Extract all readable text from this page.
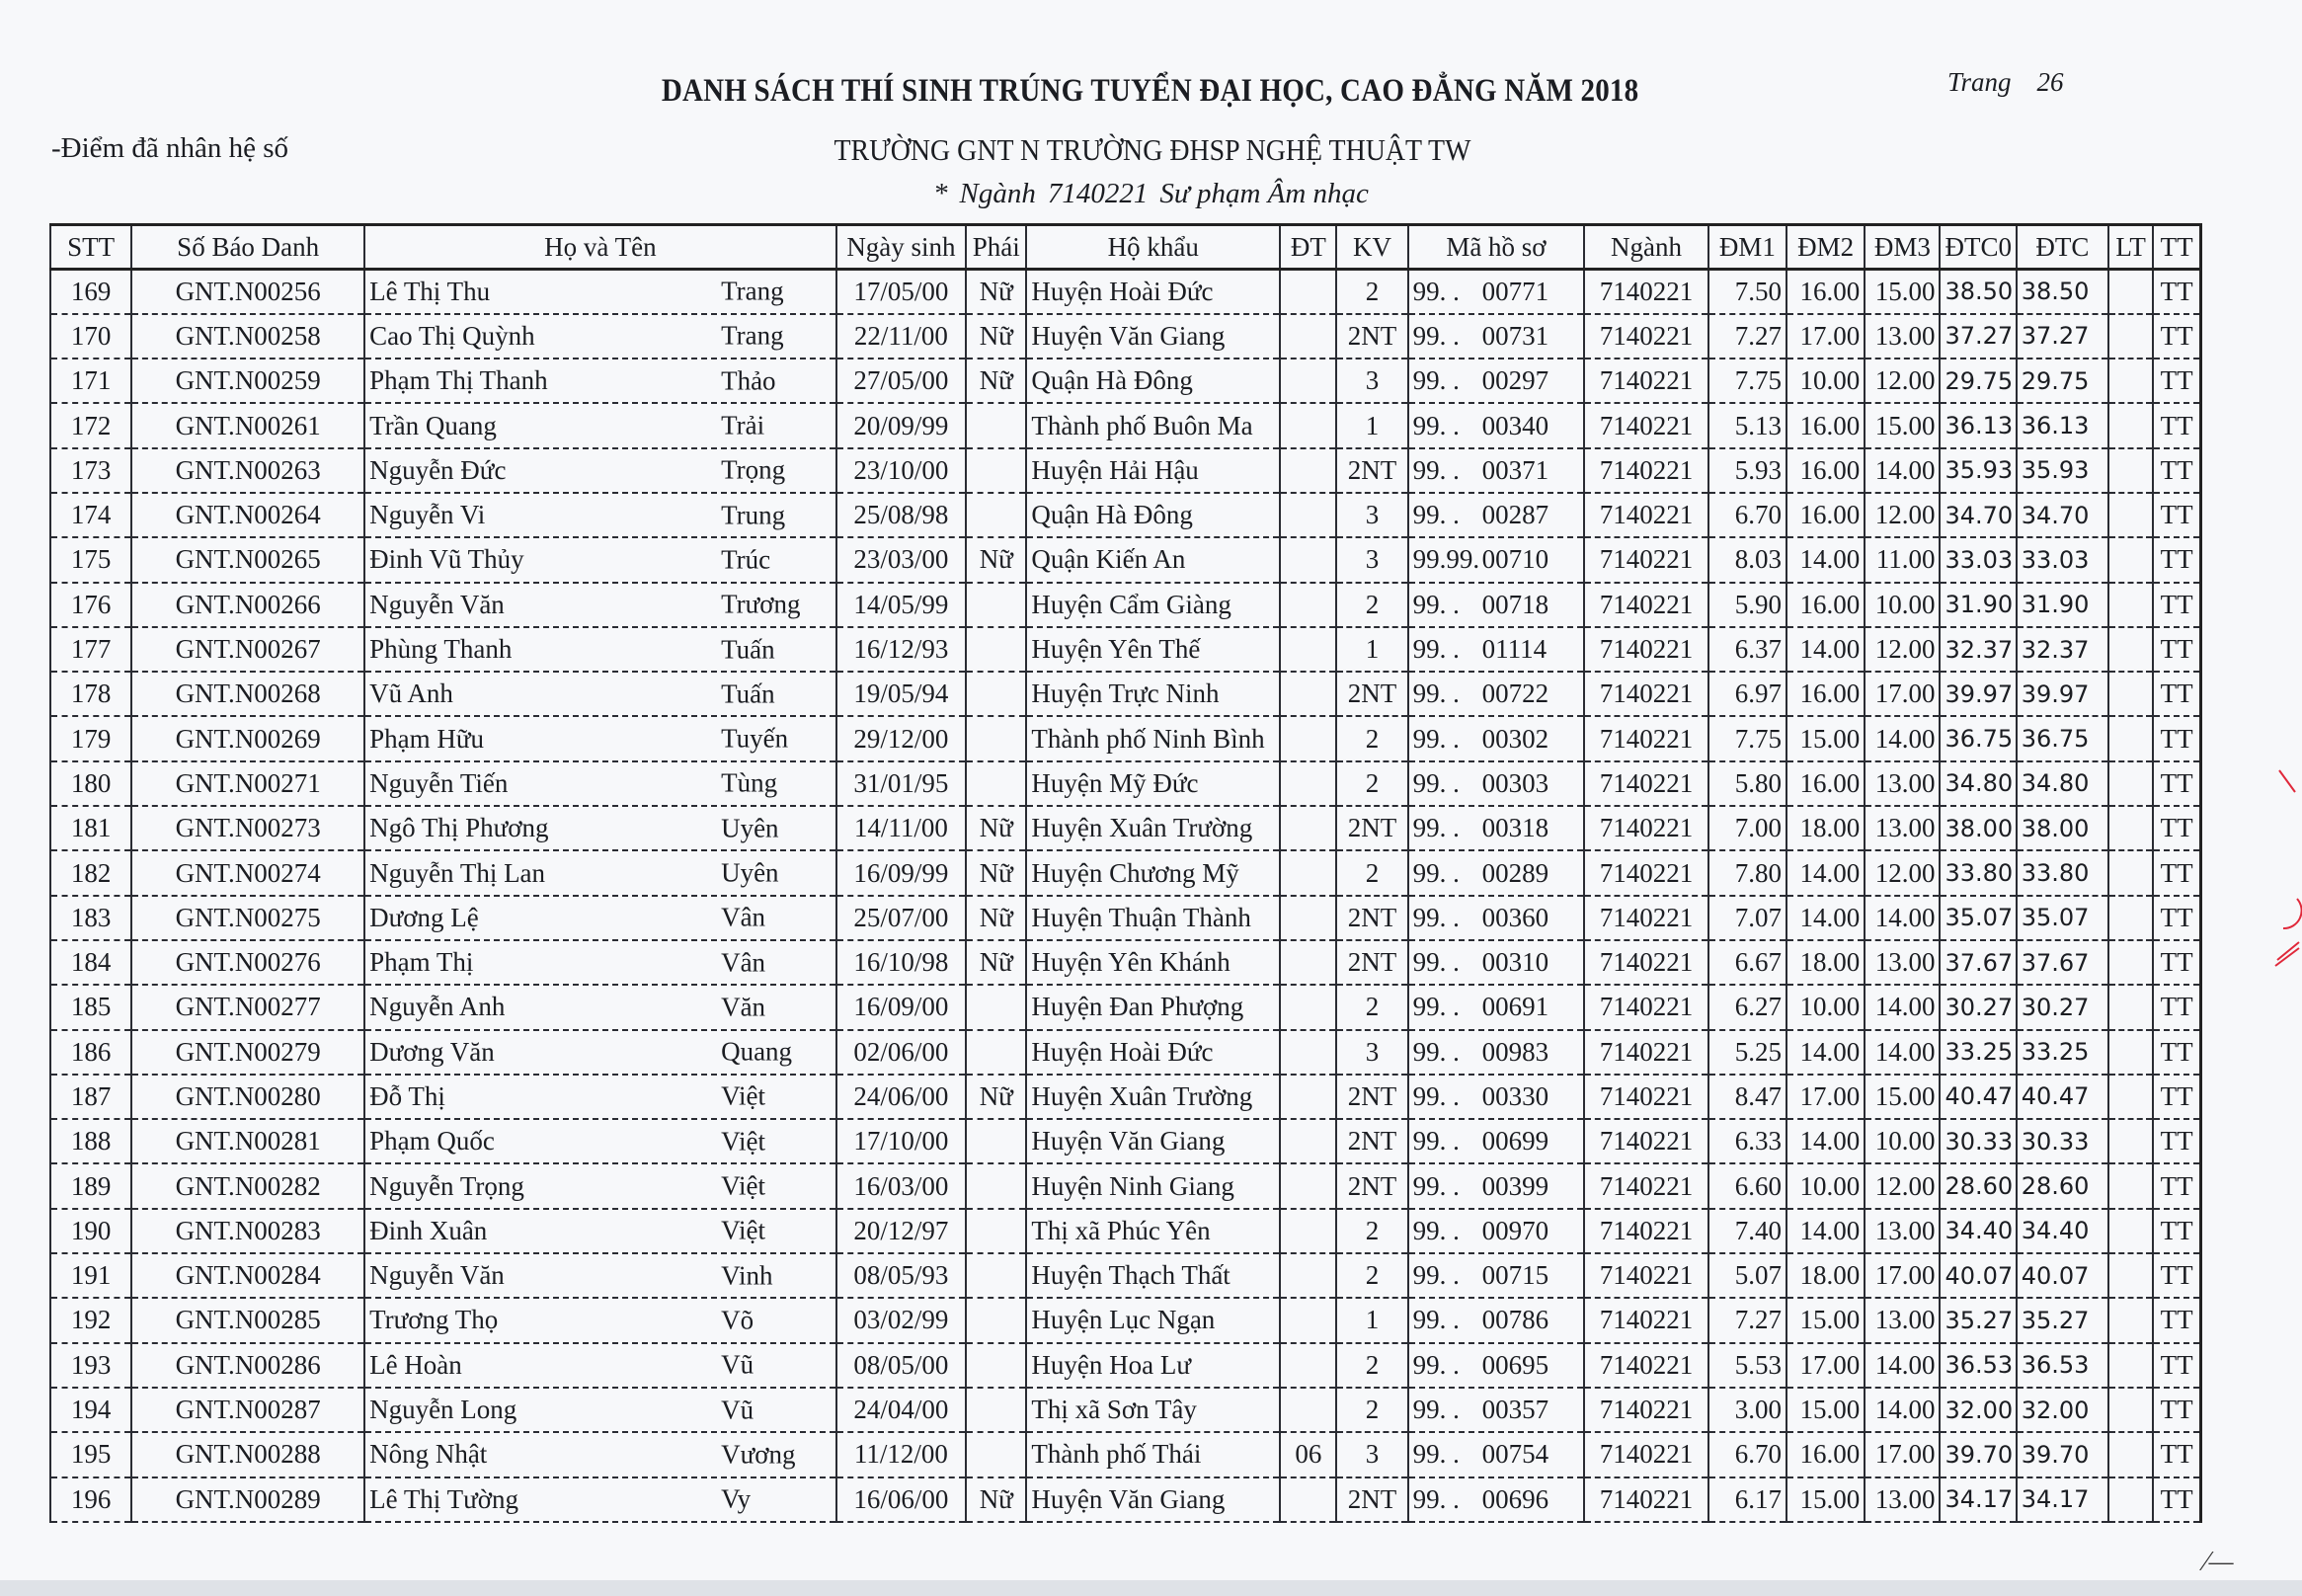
DANH SÁCH THÍ SINH TRÚNG TUYỂN ĐẠI HỌC, CAO ĐẲNG NĂM 2018	Trang 26
-Điểm đã nhân hệ số	TRƯỜNG GNT N TRƯỜNG ĐHSP NGHỆ THUẬT TW
* Ngành 7140221 Sư phạm Âm nhạc
STT	Số Báo Danh	Họ và Tên	Ngày sinh	Phái	Hộ khẩu	ĐT	KV	Mã hồ sơ	Ngành	ĐM1	ĐM2	ĐM3	ĐTC0	ĐTC	LT	TT
169	GNT.N00256	Lê Thị Thu Trang	17/05/00	Nữ	Huyện Hoài Đức		2	99. . 00771	7140221	7.50	16.00	15.00	38.50	38.50		TT
170	GNT.N00258	Cao Thị Quỳnh Trang	22/11/00	Nữ	Huyện Văn Giang		2NT	99. . 00731	7140221	7.27	17.00	13.00	37.27	37.27		TT
171	GNT.N00259	Phạm Thị Thanh Thảo	27/05/00	Nữ	Quận Hà Đông		3	99. . 00297	7140221	7.75	10.00	12.00	29.75	29.75		TT
172	GNT.N00261	Trần Quang Trải	20/09/99		Thành phố Buôn Ma		1	99. . 00340	7140221	5.13	16.00	15.00	36.13	36.13		TT
173	GNT.N00263	Nguyễn Đức Trọng	23/10/00		Huyện Hải Hậu		2NT	99. . 00371	7140221	5.93	16.00	14.00	35.93	35.93		TT
174	GNT.N00264	Nguyễn Vi Trung	25/08/98		Quận Hà Đông		3	99. . 00287	7140221	6.70	16.00	12.00	34.70	34.70		TT
175	GNT.N00265	Đinh Vũ Thủy Trúc	23/03/00	Nữ	Quận Kiến An		3	99.99.00710	7140221	8.03	14.00	11.00	33.03	33.03		TT
176	GNT.N00266	Nguyễn Văn Trương	14/05/99		Huyện Cẩm Giàng		2	99. . 00718	7140221	5.90	16.00	10.00	31.90	31.90		TT
177	GNT.N00267	Phùng Thanh Tuấn	16/12/93		Huyện Yên Thế		1	99. . 01114	7140221	6.37	14.00	12.00	32.37	32.37		TT
178	GNT.N00268	Vũ Anh Tuấn	19/05/94		Huyện Trực Ninh		2NT	99. . 00722	7140221	6.97	16.00	17.00	39.97	39.97		TT
179	GNT.N00269	Phạm Hữu Tuyến	29/12/00		Thành phố Ninh Bình		2	99. . 00302	7140221	7.75	15.00	14.00	36.75	36.75		TT
180	GNT.N00271	Nguyễn Tiến Tùng	31/01/95		Huyện Mỹ Đức		2	99. . 00303	7140221	5.80	16.00	13.00	34.80	34.80		TT
181	GNT.N00273	Ngô Thị Phương Uyên	14/11/00	Nữ	Huyện Xuân Trường		2NT	99. . 00318	7140221	7.00	18.00	13.00	38.00	38.00		TT
182	GNT.N00274	Nguyễn Thị Lan Uyên	16/09/99	Nữ	Huyện Chương Mỹ		2	99. . 00289	7140221	7.80	14.00	12.00	33.80	33.80		TT
183	GNT.N00275	Dương Lệ Vân	25/07/00	Nữ	Huyện Thuận Thành		2NT	99. . 00360	7140221	7.07	14.00	14.00	35.07	35.07		TT
184	GNT.N00276	Phạm Thị Vân	16/10/98	Nữ	Huyện Yên Khánh		2NT	99. . 00310	7140221	6.67	18.00	13.00	37.67	37.67		TT
185	GNT.N00277	Nguyễn Anh Văn	16/09/00		Huyện Đan Phượng		2	99. . 00691	7140221	6.27	10.00	14.00	30.27	30.27		TT
186	GNT.N00279	Dương Văn Quang	02/06/00		Huyện Hoài Đức		3	99. . 00983	7140221	5.25	14.00	14.00	33.25	33.25		TT
187	GNT.N00280	Đỗ Thị Việt	24/06/00	Nữ	Huyện Xuân Trường		2NT	99. . 00330	7140221	8.47	17.00	15.00	40.47	40.47		TT
188	GNT.N00281	Phạm Quốc Việt	17/10/00		Huyện Văn Giang		2NT	99. . 00699	7140221	6.33	14.00	10.00	30.33	30.33		TT
189	GNT.N00282	Nguyễn Trọng Việt	16/03/00		Huyện Ninh Giang		2NT	99. . 00399	7140221	6.60	10.00	12.00	28.60	28.60		TT
190	GNT.N00283	Đinh Xuân Việt	20/12/97		Thị xã Phúc Yên		2	99. . 00970	7140221	7.40	14.00	13.00	34.40	34.40		TT
191	GNT.N00284	Nguyễn Văn Vinh	08/05/93		Huyện Thạch Thất		2	99. . 00715	7140221	5.07	18.00	17.00	40.07	40.07		TT
192	GNT.N00285	Trương Thọ Võ	03/02/99		Huyện Lục Ngạn		1	99. . 00786	7140221	7.27	15.00	13.00	35.27	35.27		TT
193	GNT.N00286	Lê Hoàn Vũ	08/05/00		Huyện Hoa Lư		2	99. . 00695	7140221	5.53	17.00	14.00	36.53	36.53		TT
194	GNT.N00287	Nguyễn Long Vũ	24/04/00		Thị xã Sơn Tây		2	99. . 00357	7140221	3.00	15.00	14.00	32.00	32.00		TT
195	GNT.N00288	Nông Nhật Vương	11/12/00		Thành phố Thái	06	3	99. . 00754	7140221	6.70	16.00	17.00	39.70	39.70		TT
196	GNT.N00289	Lê Thị Tường Vy	16/06/00	Nữ	Huyện Văn Giang		2NT	99. . 00696	7140221	6.17	15.00	13.00	34.17	34.17		TT
⁄—
